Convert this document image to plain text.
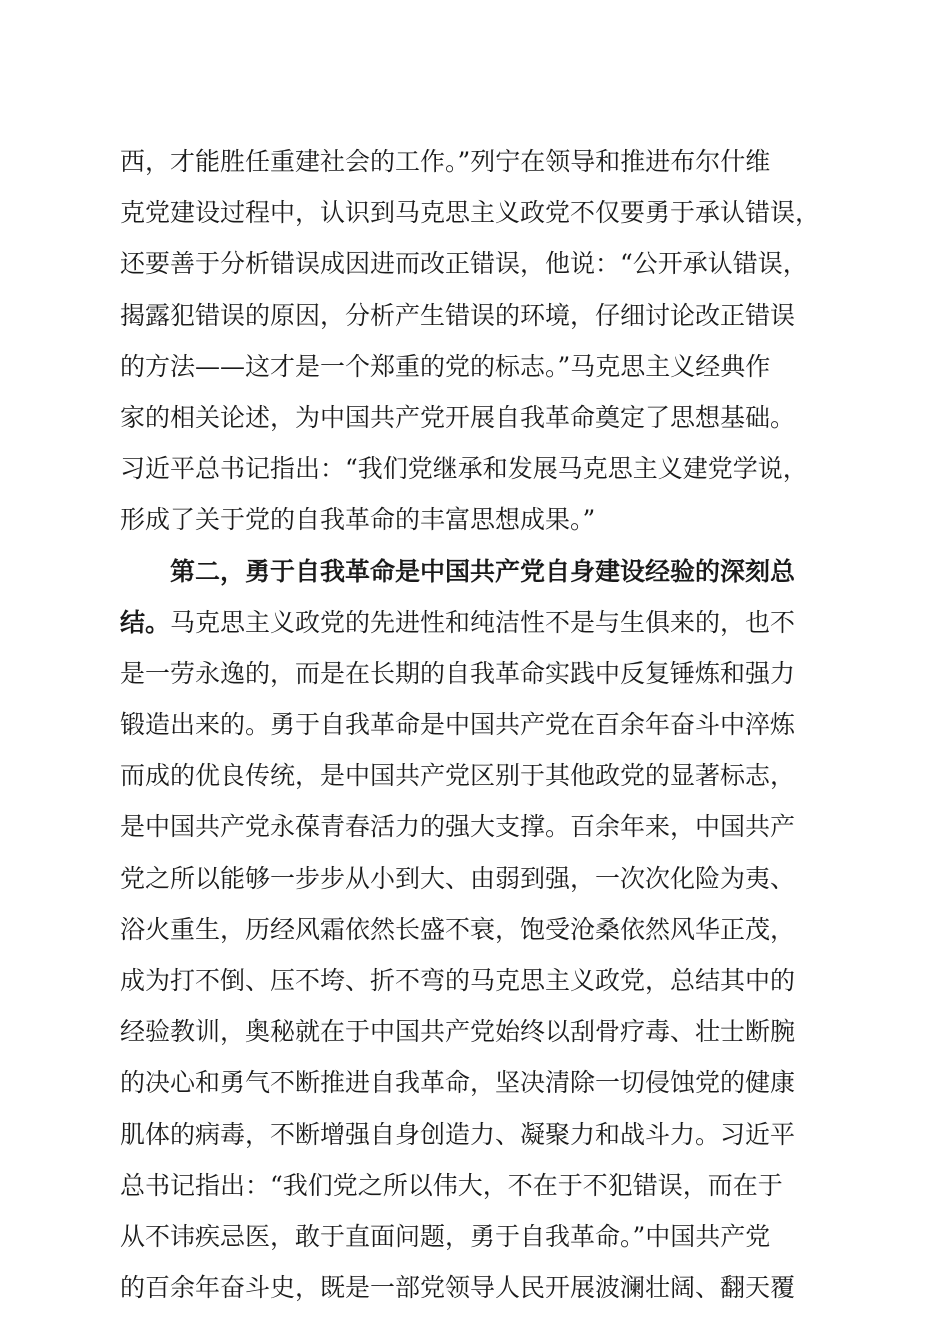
西，才能胜任重建社会的工作。”列宁在领导和推进布尔什维
克党建设过程中，认识到马克思主义政党不仅要勇于承认错误，
还要善于分析错误成因进而改正错误，他说：“公开承认错误，
揭露犯错误的原因，分析产生错误的环境，仔细讨论改正错误
的方法——这才是一个郑重的党的标志。”马克思主义经典作
家的相关论述，为中国共产党开展自我革命奠定了思想基础。
习近平总书记指出：“我们党继承和发展马克思主义建党学说，
形成了关于党的自我革命的丰富思想成果。”
第二，勇于自我革命是中国共产党自身建设经验的深刻总
结。马克思主义政党的先进性和纯洁性不是与生俱来的，也不
是一劳永逸的，而是在长期的自我革命实践中反复锤炼和强力
锻造出来的。勇于自我革命是中国共产党在百余年奋斗中淬炼
而成的优良传统，是中国共产党区别于其他政党的显著标志，
是中国共产党永葆青春活力的强大支撑。百余年来，中国共产
党之所以能够一步步从小到大、由弱到强，一次次化险为夷、
浴火重生，历经风霜依然长盛不衰，饱受沧桑依然风华正茂，
成为打不倒、压不垮、折不弯的马克思主义政党，总结其中的
经验教训，奥秘就在于中国共产党始终以刮骨疗毒、壮士断腕
的决心和勇气不断推进自我革命，坚决清除一切侵蚀党的健康
肌体的病毒，不断增强自身创造力、凝聚力和战斗力。习近平
总书记指出：“我们党之所以伟大，不在于不犯错误，而在于
从不讳疾忌医，敢于直面问题，勇于自我革命。”中国共产党
的百余年奋斗史，既是一部党领导人民开展波澜壮阔、翻天覆
